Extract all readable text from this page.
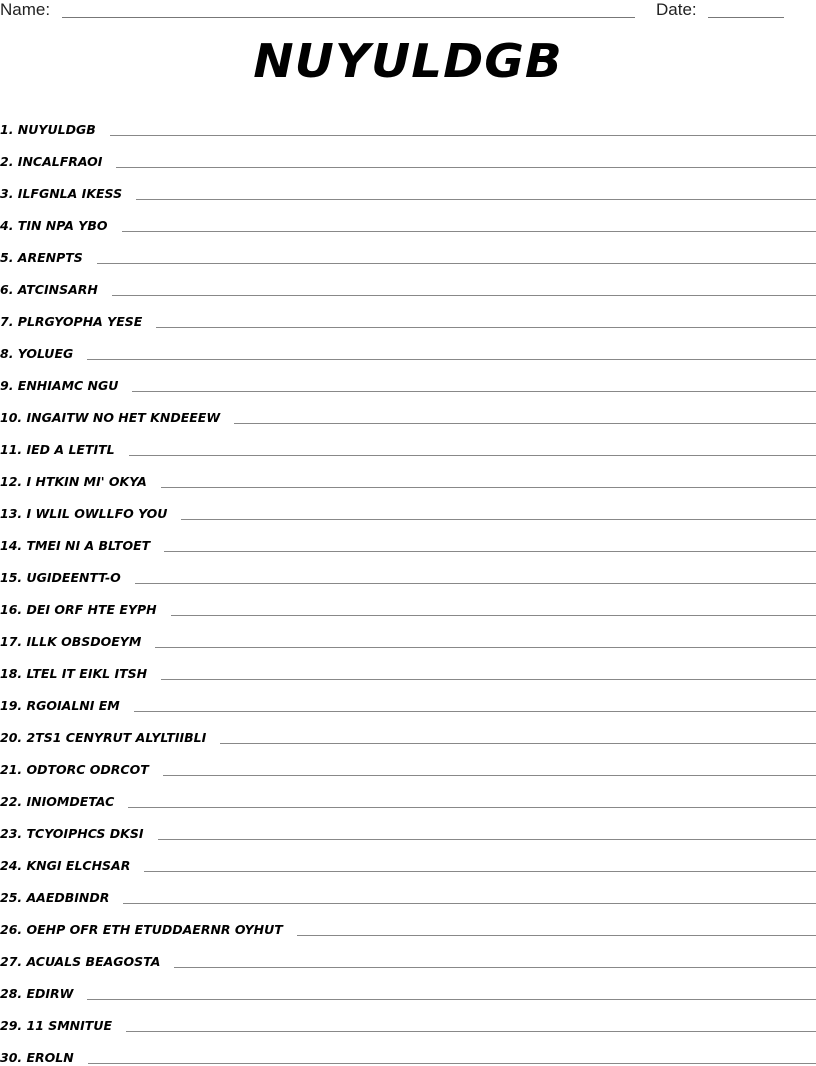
Name:	Date:
NUYULDGB
1. NUYULDGB
2. INCALFRAOI
3. ILFGNLA IKESS
4. TIN NPA YBO
5. ARENPTS
6. ATCINSARH
7. PLRGYOPHA YESE
8. YOLUEG
9. ENHIAMC NGU
10. INGAITW NO HET KNDEEEW
11. IED A LETITL
12. I HTKIN MI' OKYA
13. I WLIL OWLLFO YOU
14. TMEI NI A BLTOET
15. UGIDEENTT-O
16. DEI ORF HTE EYPH
17. ILLK OBSDOEYM
18. LTEL IT EIKL ITSH
19. RGOIALNI EM
20. 2TS1 CENYRUT ALYLTIIBLI
21. ODTORC ODRCOT
22. INIOMDETAC
23. TCYOIPHCS DKSI
24. KNGI ELCHSAR
25. AAEDBINDR
26. OEHP OFR ETH ETUDDAERNR OYHUT
27. ACUALS BEAGOSTA
28. EDIRW
29. 11 SMNITUE
30. EROLN
